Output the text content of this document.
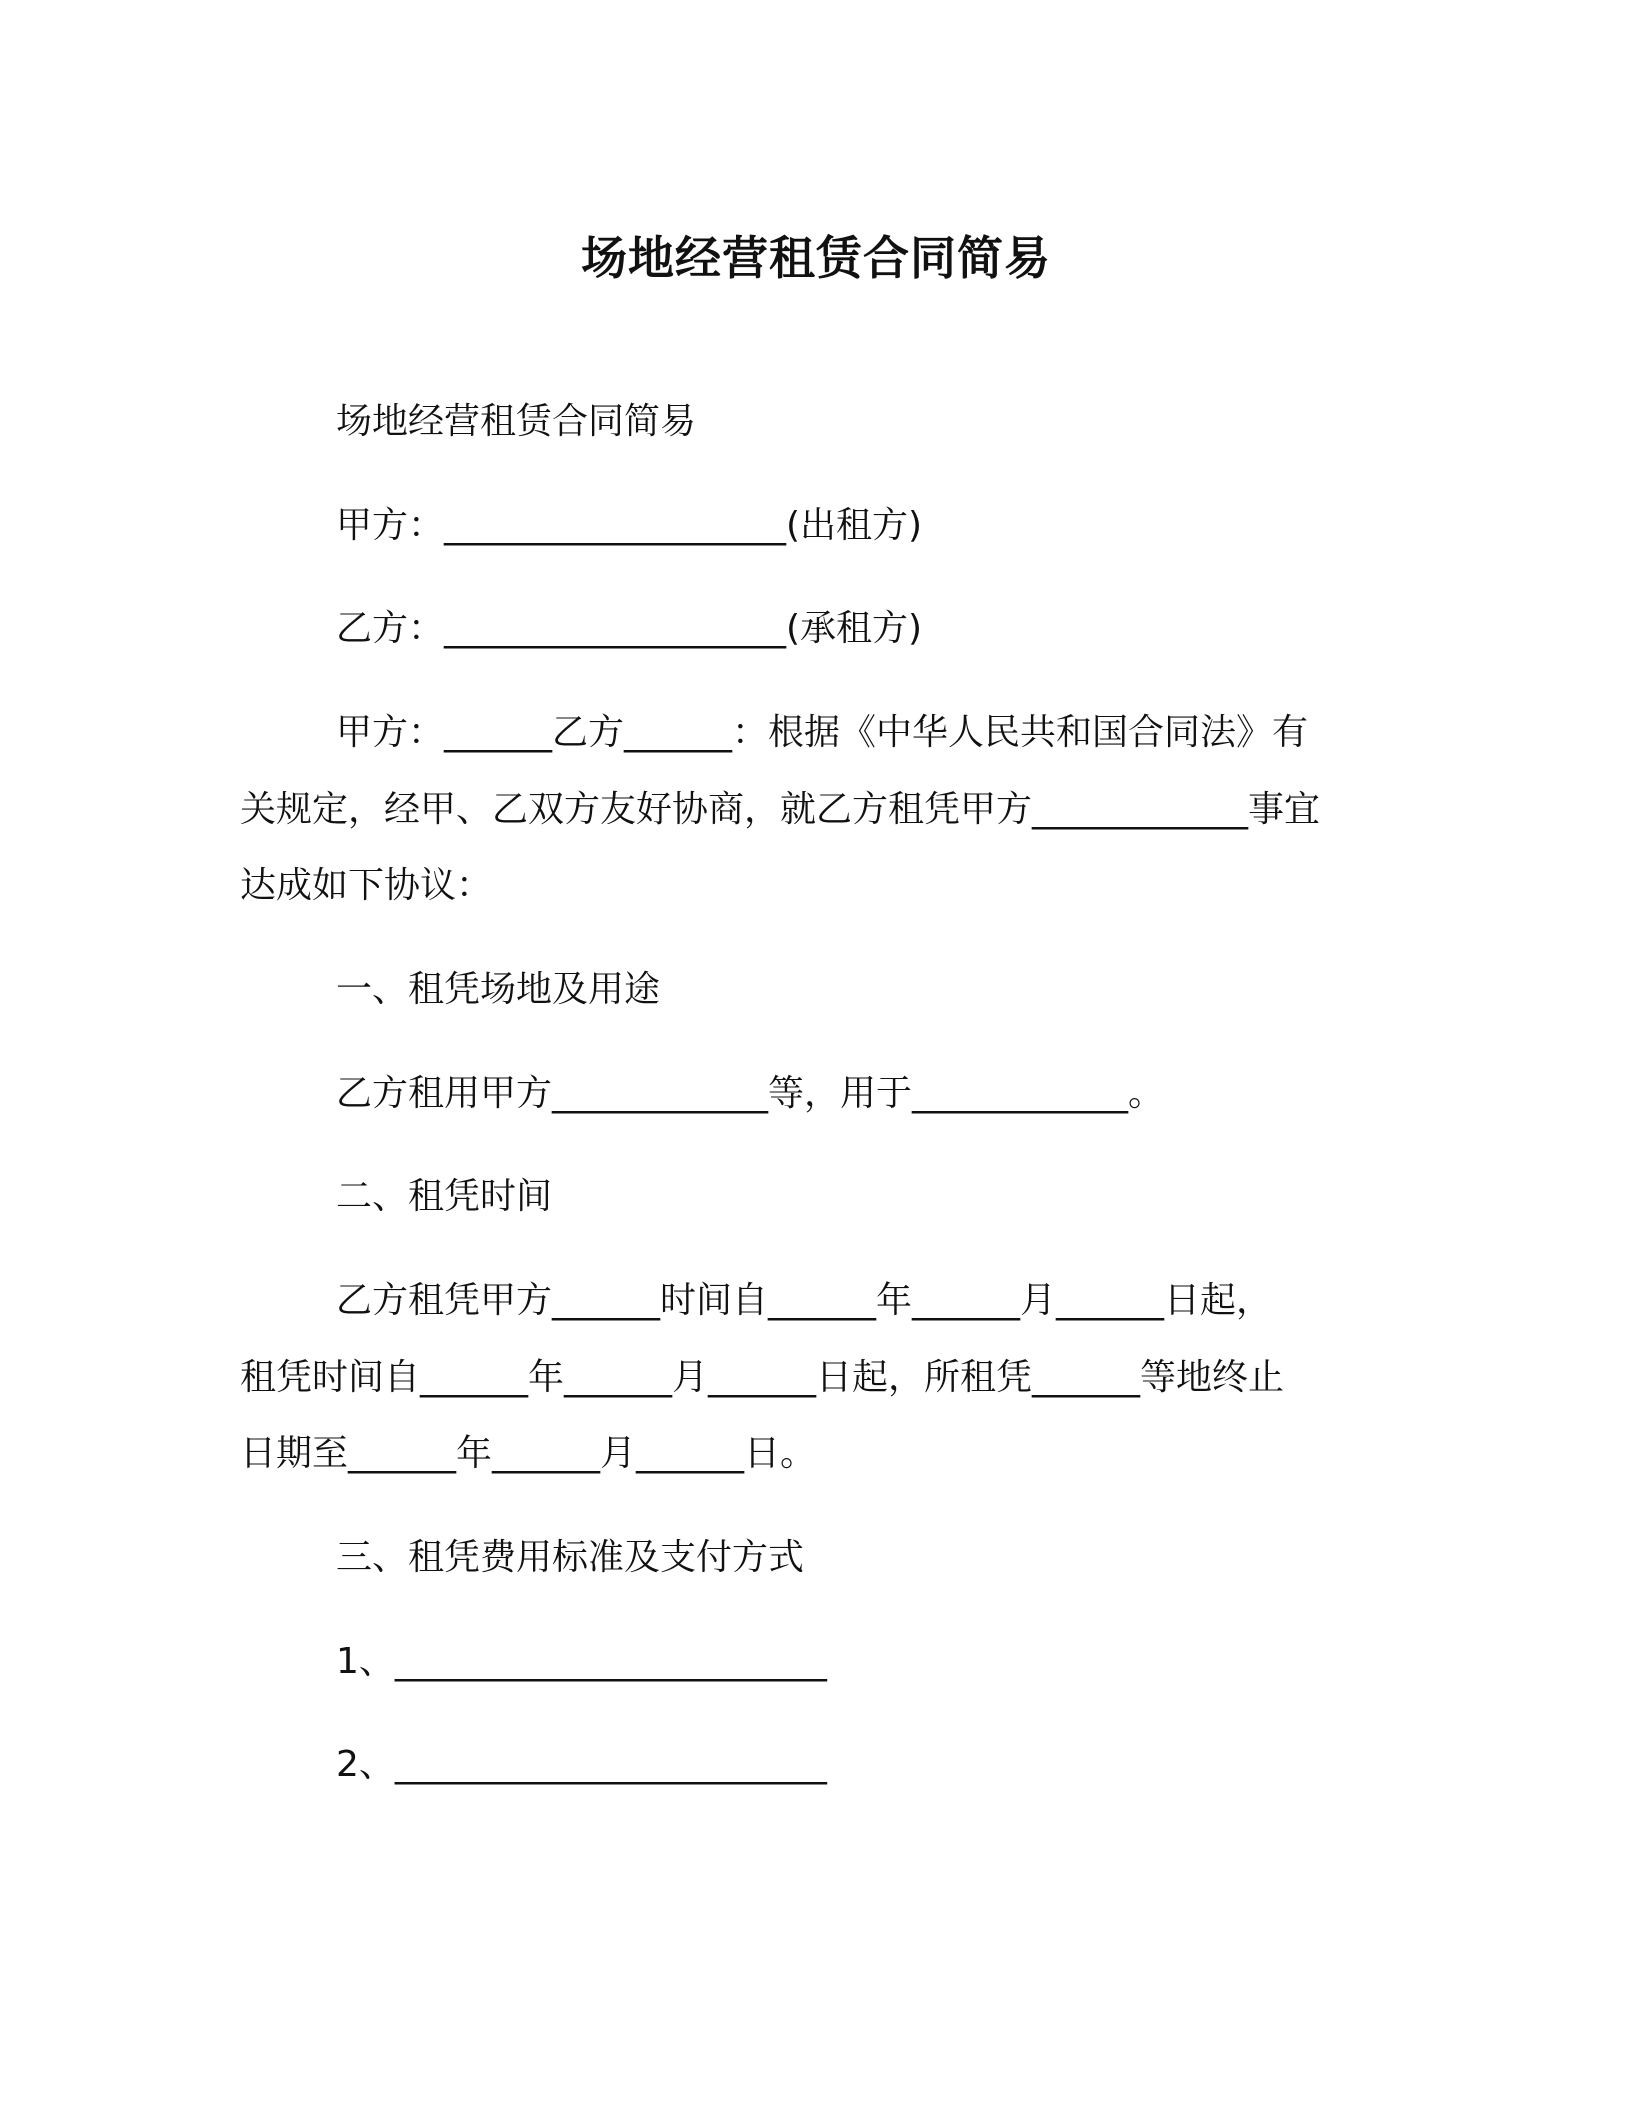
场地经营租赁合同简易
场地经营租赁合同简易
甲方：___________________(出租方)
乙方：___________________(承租方)
甲方：______乙方______：根据《中华人民共和国合同法》有
关规定，经甲、乙双方友好协商，就乙方租凭甲方____________事宜
达成如下协议：
一、租凭场地及用途
乙方租用甲方____________等，用于____________。
二、租凭时间
乙方租凭甲方______时间自______年______月______日起，
租凭时间自______年______月______日起，所租凭______等地终止
日期至______年______月______日。
三、租凭费用标准及支付方式
1、________________________
2、________________________
